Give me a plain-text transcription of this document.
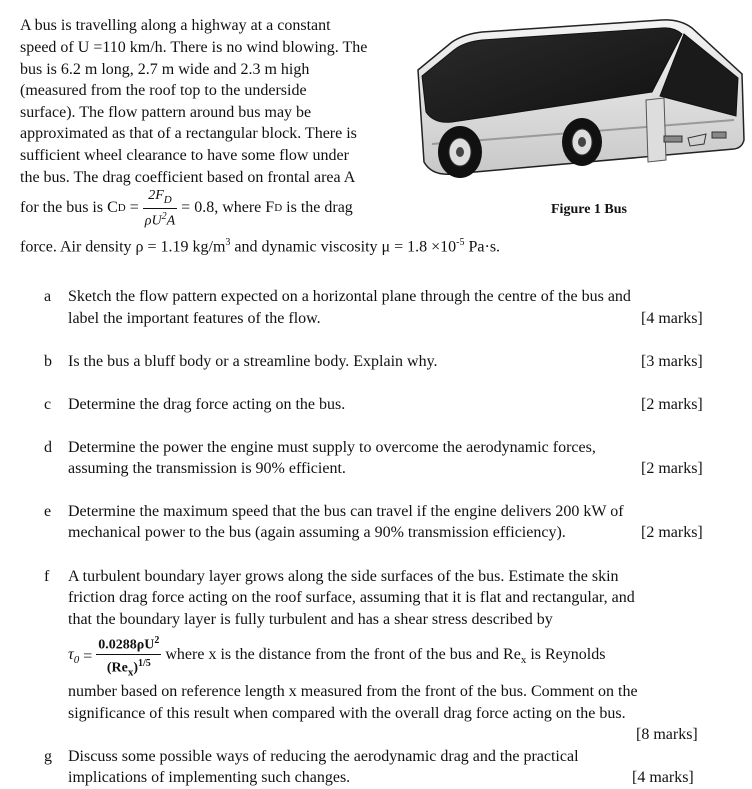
A bus is travelling along a highway at a constant
speed of U =110 km/h. There is no wind blowing. The
bus is 6.2 m long, 2.7 m wide and 2.3 m high
(measured from the roof top to the underside
surface). The flow pattern around bus may be
approximated as that of a rectangular block. There is
sufficient wheel clearance to have some flow under
the bus. The drag coefficient based on frontal area A
for the bus is C $D = \frac{2F_D}{\rho U^2A} = 0.8$, where F D is the drag
force. Air density ρ = 1.19 $kg/m^3$ and dynamic viscosity $\mu = 1.8 \times 10^{-5}$ Pa·s.
Figure 1 Bus
a Sketch the flow pattern expected on a horizontal plane through the centre of the bus and
label the important features of the flow.	[4 marks]
b Is the bus a bluff body or a streamline body. Explain why.	[3 marks]
c Determine the drag force acting on the bus.	[2 marks]
d Determine the power the engine must supply to overcome the aerodynamic forces,
assuming the transmission is 90% efficient.	[2 marks]
e Determine the maximum speed that the bus can travel if the engine delivers 200 kW of
mechanical power to the bus (again assuming a 90% transmission efficiency).	[2 marks]
f A turbulent boundary layer grows along the side surfaces of the bus. Estimate the skin
friction drag force acting on the roof surface, assuming that it is flat and rectangular, and
that the boundary layer is fully turbulent and has a shear stress described by
$\tau_0 = \frac{0.0288\rho U^2}{(Re_x)^{1/5}}$ where x is the distance from the front of the bus and $Re_x$ is Reynolds
number based on reference length x measured from the front of the bus. Comment on the
significance of this result when compared with the overall drag force acting on the bus.
[8 marks]
g Discuss some possible ways of reducing the aerodynamic drag and the practical
implications of implementing such changes.	[4 marks]
